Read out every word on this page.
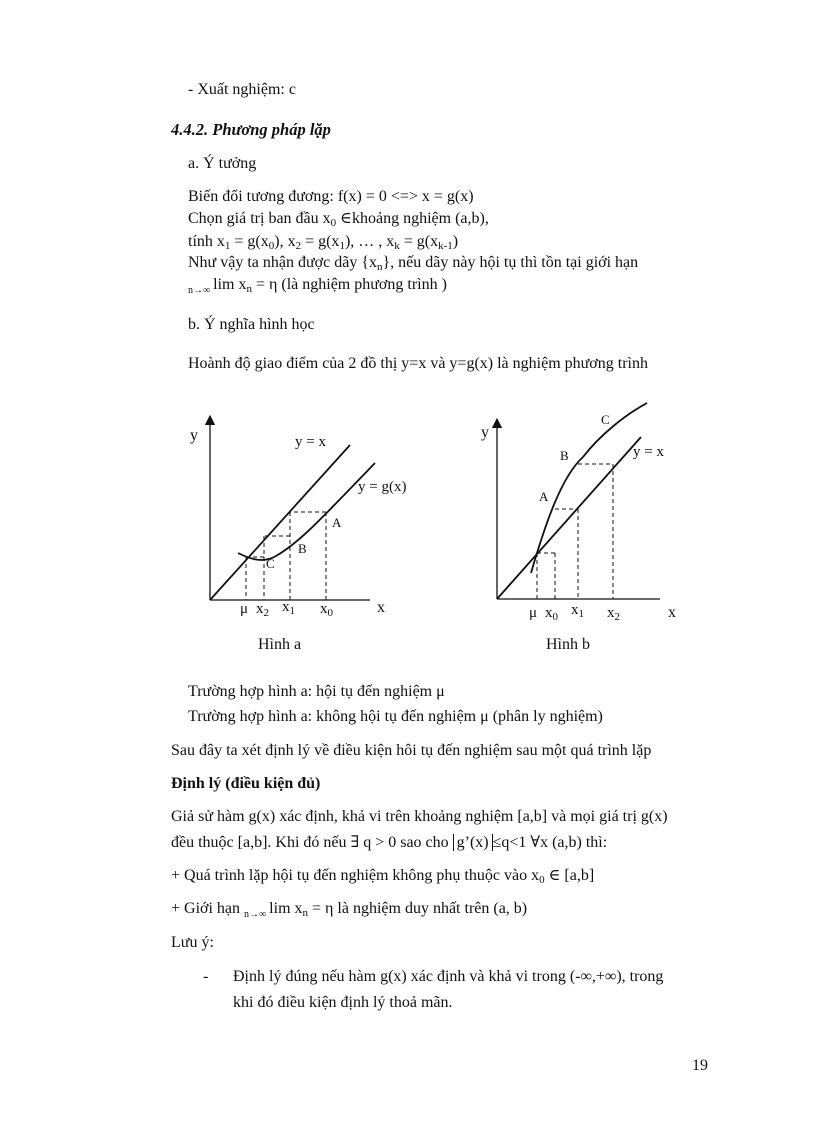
- Xuất nghiệm: c
4.4.2. Phương pháp lặp
a. Ý tưởng
Biến đổi tương đương: f(x) = 0 <=> x = g(x)
Chọn giá trị ban đầu $x_0$ ∈khoảng nghiệm (a,b),
tính $x_1 = g(x_0)$, $x_2 = g(x_1)$, … , $x_k = g(x_{k-1})$
Như vậy ta nhận được dãy $\{x_n\}$, nếu dãy này hội tụ thì tồn tại giới hạn
$_{n\to\infty}$ $\lim x_n = \eta$ (là nghiệm phương trình )
b. Ý nghĩa hình học
Hoành độ giao điểm của 2 đồ thị y=x và y=g(x) là nghiệm phương trình
y
x
y = x
y = g(x)
A
B
C
μ $x_2$ $x_1$ $x_0$
Hình a
y
x
y = x
A
B
C
μ $x_0$ $x_1$ $x_2$
Hình b
Trường hợp hình a: hội tụ đến nghiệm μ
Trường hợp hình a: không hội tụ đến nghiệm μ (phân ly nghiệm)
Sau đây ta xét định lý về điều kiện hôi tụ đến nghiệm sau một quá trình lặp
Định lý (điều kiện đủ)
Giả sử hàm g(x) xác định, khả vi trên khoảng nghiệm [a,b] và mọi giá trị g(x)
đều thuộc [a,b]. Khi đó nếu ∃ q > 0 sao cho g’(x) ≤q<1 ∀x (a,b) thì:
+ Quá trình lặp hội tụ đến nghiệm không phụ thuộc vào $x_0$ ∈ [a,b]
+ Giới hạn $_{n\to\infty}$ $\lim x_n = \eta$ là nghiệm duy nhất trên (a, b)
Lưu ý:
- Định lý đúng nếu hàm g(x) xác định và khả vi trong (-∞,+∞), trong
khi đó điều kiện định lý thoả mãn.
19
